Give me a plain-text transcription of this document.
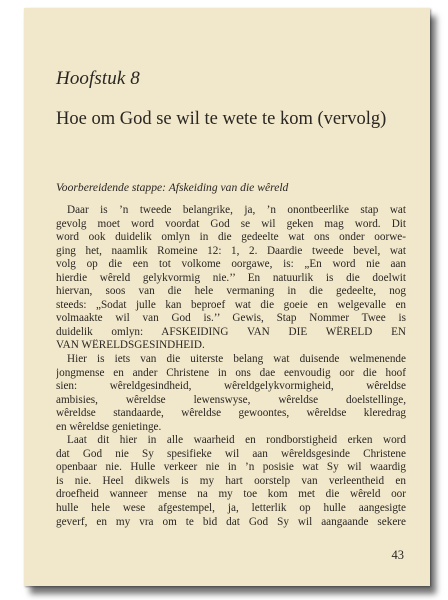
Hoofstuk 8
Hoe om God se wil te wete te kom (vervolg)
Voorbereidende stappe: Afskeiding van die wêreld
Daar is ’n tweede belangrike, ja, ’n onontbeerlike stap wat
gevolg moet word voordat God se wil geken mag word. Dit
word ook duidelik omlyn in die gedeelte wat ons onder oorwe-
ging het, naamlik Romeine 12: 1, 2. Daardie tweede bevel, wat
volg op die een tot volkome oorgawe, is: „En word nie aan
hierdie wêreld gelykvormig nie.’’ En natuurlik is die doelwit
hiervan, soos van die hele vermaning in die gedeelte, nog
steeds: „Sodat julle kan beproef wat die goeie en welgevalle en
volmaakte wil van God is.’’ Gewis, Stap Nommer Twee is
duidelik omlyn: AFSKEIDING VAN DIE WÊRELD EN
VAN WÊRELDSGESINDHEID.
Hier is iets van die uiterste belang wat duisende welmenende
jongmense en ander Christene in ons dae eenvoudig oor die hoof
sien: wêreldgesindheid, wêreldgelykvormigheid, wêreldse
ambisies, wêreldse lewenswyse, wêreldse doelstellinge,
wêreldse standaarde, wêreldse gewoontes, wêreldse kleredrag
en wêreldse genietinge.
Laat dit hier in alle waarheid en rondborstigheid erken word
dat God nie Sy spesifieke wil aan wêreldsgesinde Christene
openbaar nie. Hulle verkeer nie in ’n posisie wat Sy wil waardig
is nie. Heel dikwels is my hart oorstelp van verleentheid en
droefheid wanneer mense na my toe kom met die wêreld oor
hulle hele wese afgestempel, ja, letterlik op hulle aangesigte
geverf, en my vra om te bid dat God Sy wil aangaande sekere
43
